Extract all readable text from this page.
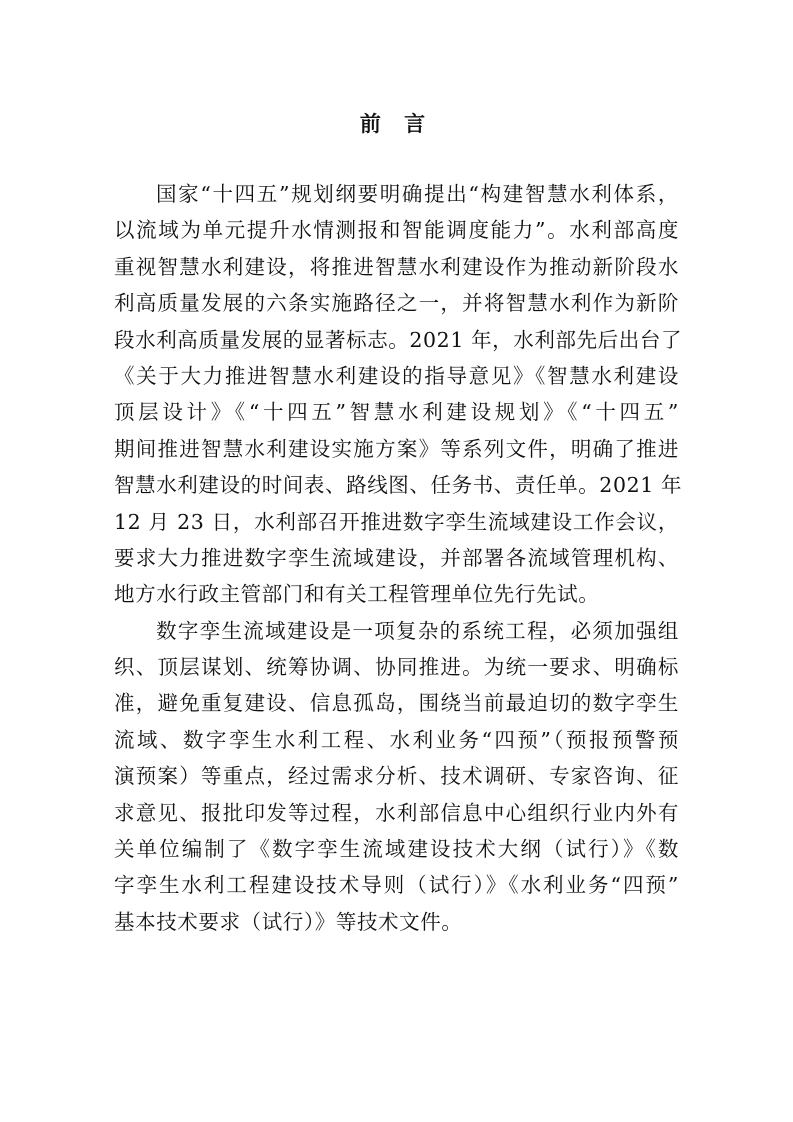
前 言
国家“十四五”规划纲要明确提出“构建智慧水利体系，
以流域为单元提升水情测报和智能调度能力”。水利部高度
重视智慧水利建设，将推进智慧水利建设作为推动新阶段水
利高质量发展的六条实施路径之一，并将智慧水利作为新阶
段水利高质量发展的显著标志。2021 年，水利部先后出台了
《关于大力推进智慧水利建设的指导意见》《智慧水利建设
顶层设计》《“十四五”智慧水利建设规划》《“十四五”
期间推进智慧水利建设实施方案》等系列文件，明确了推进
智慧水利建设的时间表、路线图、任务书、责任单。2021 年
12 月 23 日，水利部召开推进数字孪生流域建设工作会议，
要求大力推进数字孪生流域建设，并部署各流域管理机构、
地方水行政主管部门和有关工程管理单位先行先试。
数字孪生流域建设是一项复杂的系统工程，必须加强组
织、顶层谋划、统筹协调、协同推进。为统一要求、明确标
准，避免重复建设、信息孤岛，围绕当前最迫切的数字孪生
流域、数字孪生水利工程、水利业务“四预”（预报预警预
演预案）等重点，经过需求分析、技术调研、专家咨询、征
求意见、报批印发等过程，水利部信息中心组织行业内外有
关单位编制了《数字孪生流域建设技术大纲（试行）》《数
字孪生水利工程建设技术导则（试行）》《水利业务“四预”
基本技术要求（试行）》等技术文件。
